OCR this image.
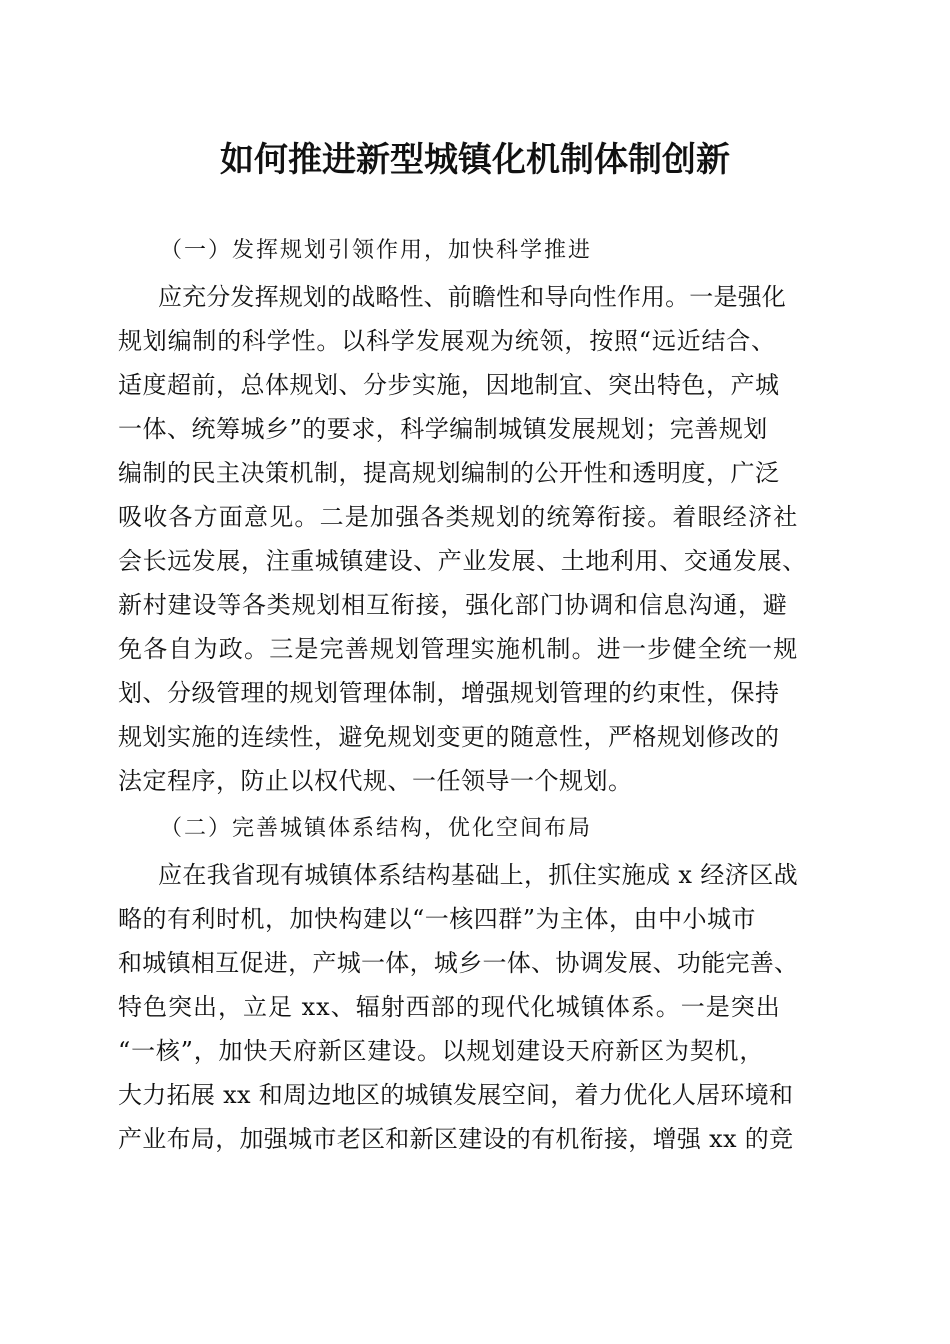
如何推进新型城镇化机制体制创新

（一）发挥规划引领作用，加快科学推进

应充分发挥规划的战略性、前瞻性和导向性作用。一是强化

规划编制的科学性。以科学发展观为统领，按照“远近结合、

适度超前，总体规划、分步实施，因地制宜、突出特色，产城

一体、统筹城乡”的要求，科学编制城镇发展规划；完善规划

编制的民主决策机制，提高规划编制的公开性和透明度，广泛

吸收各方面意见。二是加强各类规划的统筹衔接。着眼经济社

会长远发展，注重城镇建设、产业发展、土地利用、交通发展、

新村建设等各类规划相互衔接，强化部门协调和信息沟通，避

免各自为政。三是完善规划管理实施机制。进一步健全统一规

划、分级管理的规划管理体制，增强规划管理的约束性，保持

规划实施的连续性，避免规划变更的随意性，严格规划修改的

法定程序，防止以权代规、一任领导一个规划。

（二）完善城镇体系结构，优化空间布局

应在我省现有城镇体系结构基础上，抓住实施成 x 经济区战

略的有利时机，加快构建以“一核四群”为主体，由中小城市

和城镇相互促进，产城一体，城乡一体、协调发展、功能完善、

特色突出，立足 xx、辐射西部的现代化城镇体系。一是突出

“一核”，加快天府新区建设。以规划建设天府新区为契机，

大力拓展 xx 和周边地区的城镇发展空间，着力优化人居环境和

产业布局，加强城市老区和新区建设的有机衔接，增强 xx 的竞
